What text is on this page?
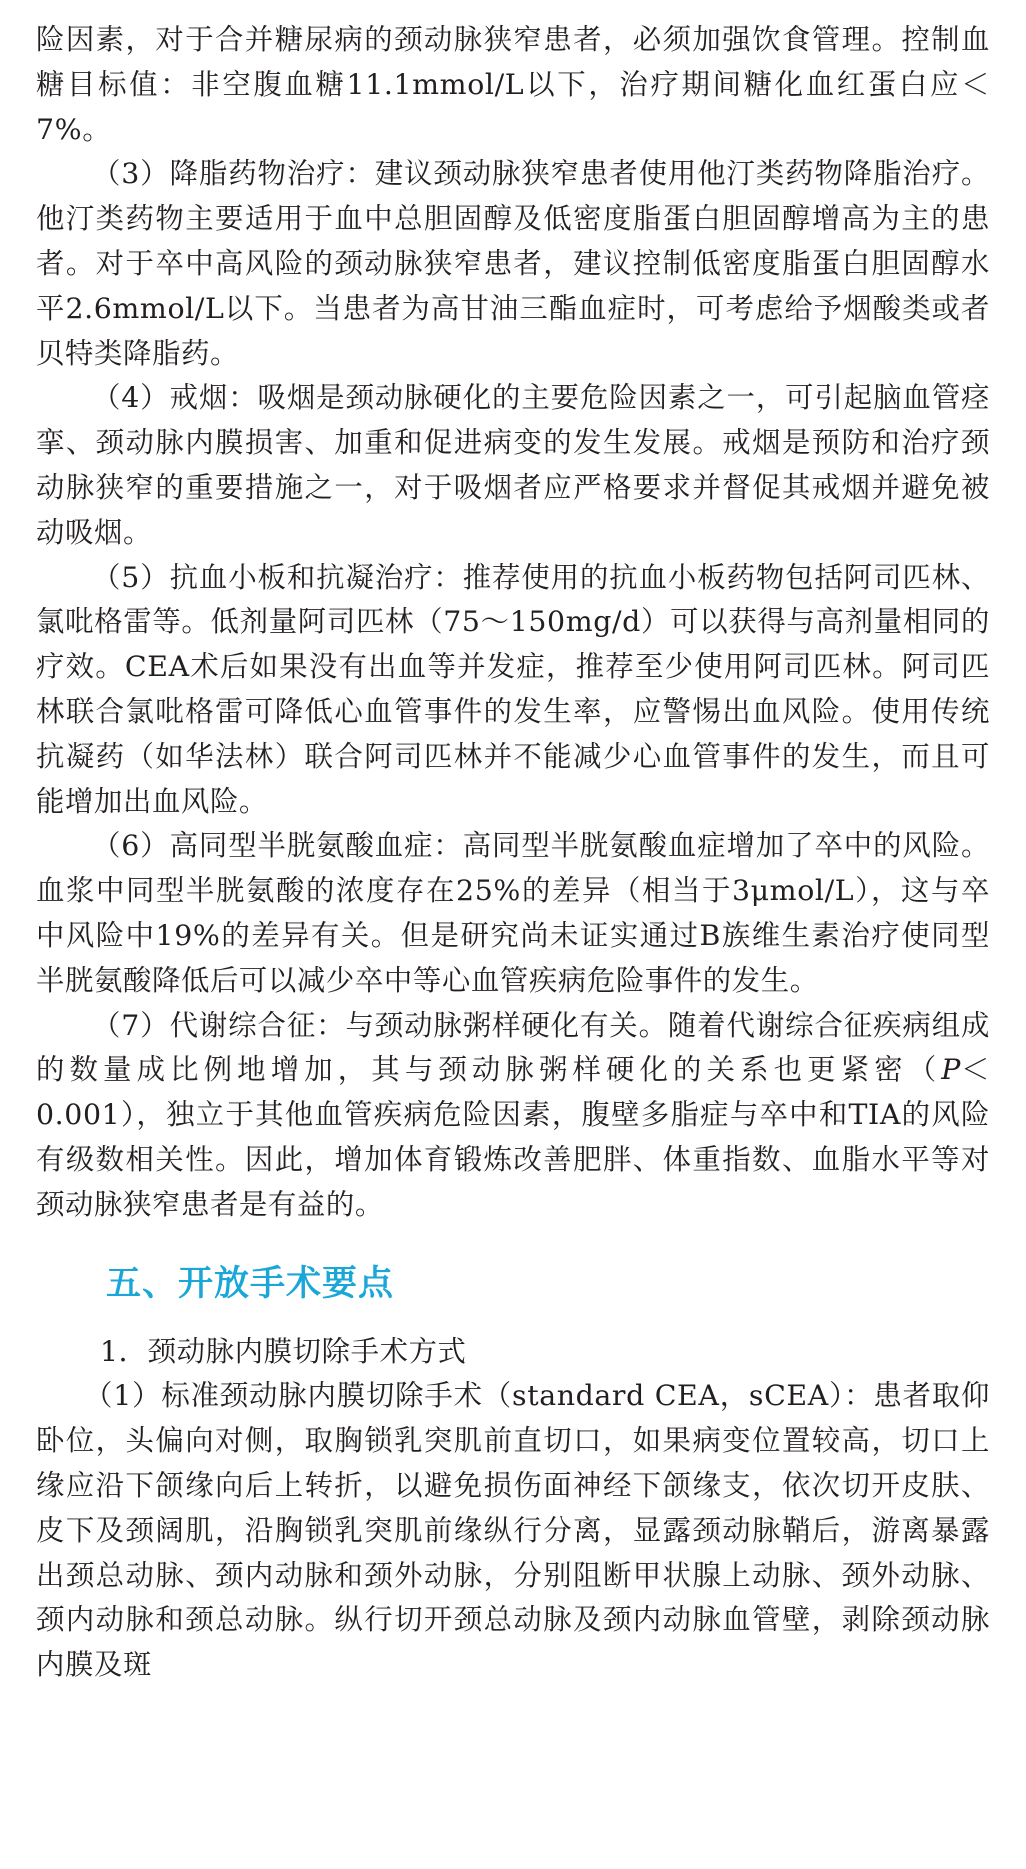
险因素，对于合并糖尿病的颈动脉狭窄患者，必须加强饮食管理。控制血糖目标值：非空腹血糖11.1mmol/L以下，治疗期间糖化血红蛋白应＜7%。

（3）降脂药物治疗：建议颈动脉狭窄患者使用他汀类药物降脂治疗。他汀类药物主要适用于血中总胆固醇及低密度脂蛋白胆固醇增高为主的患者。对于卒中高风险的颈动脉狭窄患者，建议控制低密度脂蛋白胆固醇水平2.6mmol/L以下。当患者为高甘油三酯血症时，可考虑给予烟酸类或者贝特类降脂药。

（4）戒烟：吸烟是颈动脉硬化的主要危险因素之一，可引起脑血管痉挛、颈动脉内膜损害、加重和促进病变的发生发展。戒烟是预防和治疗颈动脉狭窄的重要措施之一，对于吸烟者应严格要求并督促其戒烟并避免被动吸烟。

（5）抗血小板和抗凝治疗：推荐使用的抗血小板药物包括阿司匹林、氯吡格雷等。低剂量阿司匹林（75～150mg/d）可以获得与高剂量相同的疗效。CEA术后如果没有出血等并发症，推荐至少使用阿司匹林。阿司匹林联合氯吡格雷可降低心血管事件的发生率，应警惕出血风险。使用传统抗凝药（如华法林）联合阿司匹林并不能减少心血管事件的发生，而且可能增加出血风险。

（6）高同型半胱氨酸血症：高同型半胱氨酸血症增加了卒中的风险。血浆中同型半胱氨酸的浓度存在25%的差异（相当于3μmol/L），这与卒中风险中19%的差异有关。但是研究尚未证实通过B族维生素治疗使同型半胱氨酸降低后可以减少卒中等心血管疾病危险事件的发生。

（7）代谢综合征：与颈动脉粥样硬化有关。随着代谢综合征疾病组成的数量成比例地增加，其与颈动脉粥样硬化的关系也更紧密（P＜0.001），独立于其他血管疾病危险因素，腹壁多脂症与卒中和TIA的风险有级数相关性。因此，增加体育锻炼改善肥胖、体重指数、血脂水平等对颈动脉狭窄患者是有益的。

五、开放手术要点

1．颈动脉内膜切除手术方式

（1）标准颈动脉内膜切除手术（standard CEA，sCEA）：患者取仰卧位，头偏向对侧，取胸锁乳突肌前直切口，如果病变位置较高，切口上缘应沿下颌缘向后上转折，以避免损伤面神经下颌缘支，依次切开皮肤、皮下及颈阔肌，沿胸锁乳突肌前缘纵行分离，显露颈动脉鞘后，游离暴露出颈总动脉、颈内动脉和颈外动脉，分别阻断甲状腺上动脉、颈外动脉、颈内动脉和颈总动脉。纵行切开颈总动脉及颈内动脉血管壁，剥除颈动脉内膜及斑
